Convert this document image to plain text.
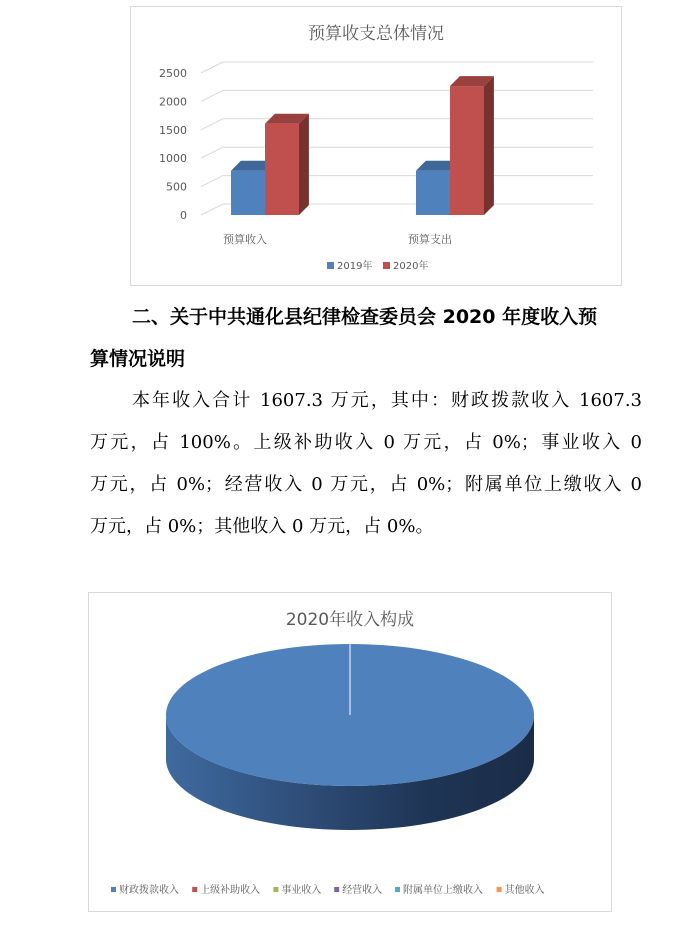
预算收支总体情况
0
500
1000
1500
2000
2500
预算收入	预算支出
2019年 2020年
二、关于中共通化县纪律检查委员会 2020 年度收入预
算情况说明
本年收入合计 1607.3 万元，其中：财政拨款收入 1607.3
万元，占 100%。上级补助收入 0 万元，占 0%；事业收入 0
万元，占 0%；经营收入 0 万元，占 0%；附属单位上缴收入 0
万元，占 0%；其他收入 0 万元，占 0%。
2020年收入构成
财政拨款收入 上级补助收入 事业收入 经营收入 附属单位上缴收入 其他收入
